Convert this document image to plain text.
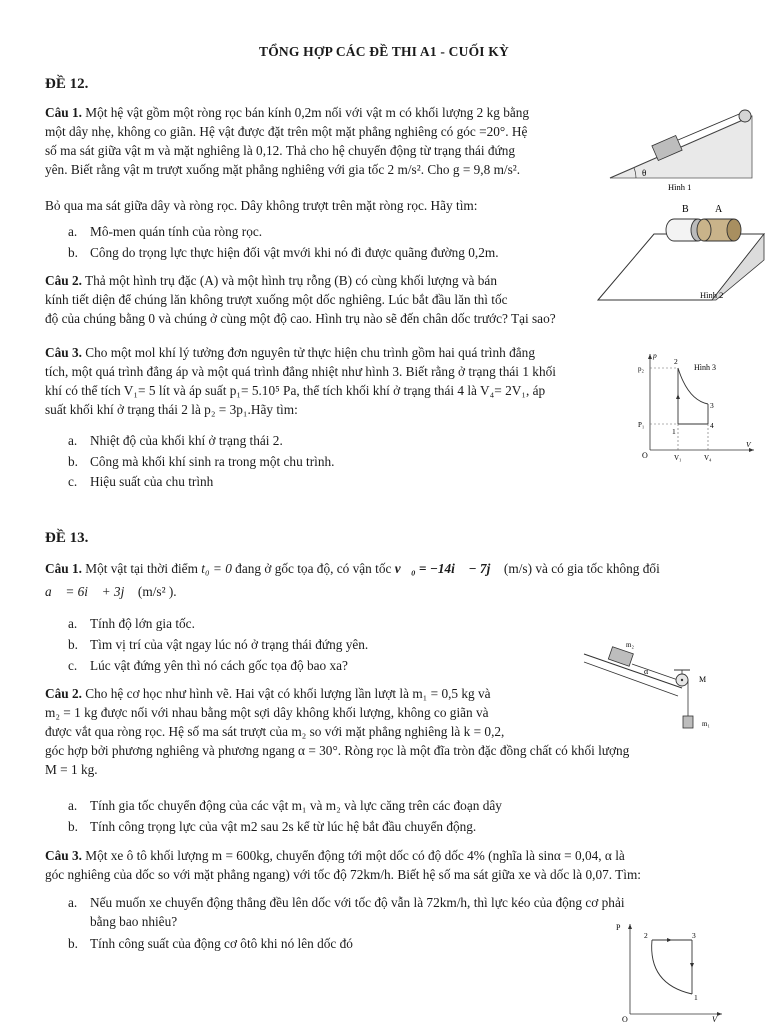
TỔNG HỢP CÁC ĐỀ THI A1 - CUỐI KỲ
ĐỀ 12.
Câu 1. Một hệ vật gồm một ròng rọc bán kính 0,2m nối với vật m có khối lượng 2 kg bằng
một dây nhẹ, không co giãn. Hệ vật được đặt trên một mặt phẳng nghiêng có góc =20°. Hệ
số ma sát giữa vật m và mặt nghiêng là 0,12. Thả cho hệ chuyển động từ trạng thái đứng
yên. Biết rằng vật m trượt xuống mặt phẳng nghiêng với gia tốc 2 m/s². Cho g = 9,8 m/s².
Bỏ qua ma sát giữa dây và ròng rọc. Dây không trượt trên mặt ròng rọc. Hãy tìm:
a. Mô-men quán tính của ròng rọc.
b. Công do trọng lực thực hiện đối vật mvới khi nó đi được quãng đường 0,2m.
Câu 2. Thả một hình trụ đặc (A) và một hình trụ rỗng (B) có cùng khối lượng và bán
kính tiết diện để chúng lăn không trượt xuống một dốc nghiêng. Lúc bắt đầu lăn thì tốc
độ của chúng bằng 0 và chúng ở cùng một độ cao. Hình trụ nào sẽ đến chân dốc trước? Tại sao?
Câu 3. Cho một mol khí lý tưởng đơn nguyên tử thực hiện chu trình gồm hai quá trình đẳng
tích, một quá trình đẳng áp và một quá trình đẳng nhiệt như hình 3. Biết rằng ở trạng thái 1 khối
khí có thể tích V₁= 5 lít và áp suất p₁= 5.10⁵ Pa, thể tích khối khí ở trạng thái 4 là V₄= 2V₁, áp
suất khối khí ở trạng thái 2 là p₂ = 3p₁.Hãy tìm:
a. Nhiệt độ của khối khí ở trạng thái 2.
b. Công mà khối khí sinh ra trong một chu trình.
c. Hiệu suất của chu trình
θ
Hình 1
B	A
Hình 2
p
p₂
P₁
O
V
V₁	V₄
2
1
3
4
Hình 3
ĐỀ 13.
Câu 1. Một vật tại thời điểm t₀ = 0 đang ở gốc tọa độ, có vận tốc v⃗₀ = −14i⃗ − 7j⃗ (m/s) và có gia tốc không đổi
a⃗ = 6i⃗ + 3j⃗ (m/s² ).
a. Tính độ lớn gia tốc.
b. Tìm vị trí của vật ngay lúc nó ở trạng thái đứng yên.
c. Lúc vật đứng yên thì nó cách gốc tọa độ bao xa?
Câu 2. Cho hệ cơ học như hình vẽ. Hai vật có khối lượng lần lượt là m₁ = 0,5 kg và
m₂ = 1 kg được nối với nhau bằng một sợi dây không khối lượng, không co giãn và
được vắt qua ròng rọc. Hệ số ma sát trượt của m₂ so với mặt phẳng nghiêng là k = 0,2,
góc hợp bởi phương nghiêng và phương ngang α = 30°. Ròng rọc là một đĩa tròn đặc đồng chất có khối lượng
M = 1 kg.
a. Tính gia tốc chuyển động của các vật m₁ và m₂ và lực căng trên các đoạn dây
b. Tính công trọng lực của vật m2 sau 2s kể từ lúc hệ bắt đầu chuyển động.
Câu 3. Một xe ô tô khối lượng m = 600kg, chuyển động tới một dốc có độ dốc 4% (nghĩa là sinα = 0,04, α là
góc nghiêng của dốc so với mặt phẳng ngang) với tốc độ 72km/h. Biết hệ số ma sát giữa xe và dốc là 0,07. Tìm:
a. Nếu muốn xe chuyển động thẳng đều lên dốc với tốc độ vẫn là 72km/h, thì lực kéo của động cơ phải
bằng bao nhiêu?
b. Tính công suất của động cơ ôtô khi nó lên dốc đó
m₂
α
M
m₁
P
V
O
2	3
1
